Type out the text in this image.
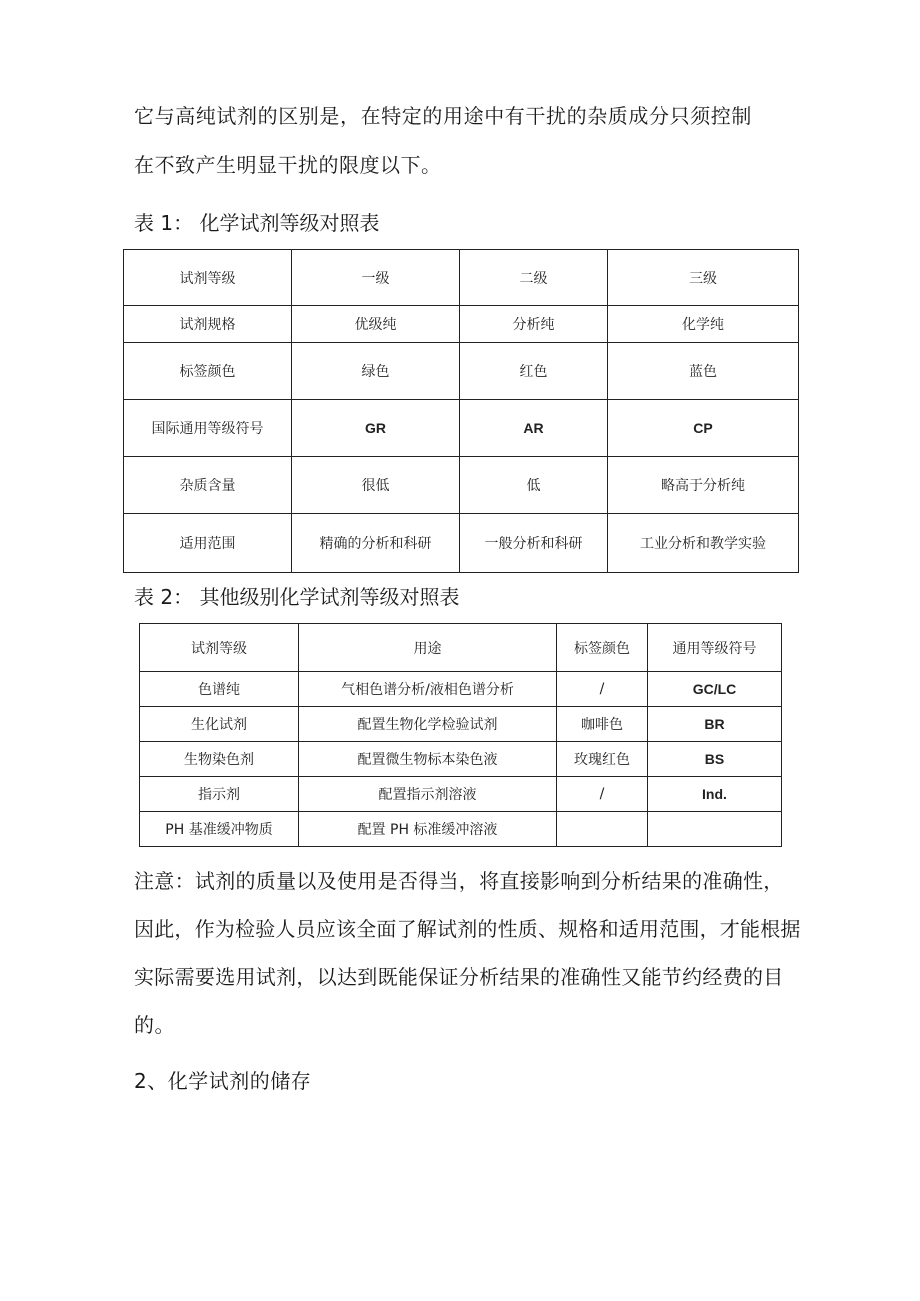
它与高纯试剂的区别是，在特定的用途中有干扰的杂质成分只须控制
在不致产生明显干扰的限度以下。
表 1： 化学试剂等级对照表
试剂等级	一级	二级	三级
试剂规格	优级纯	分析纯	化学纯
标签颜色	绿色	红色	蓝色
国际通用等级符号	GR	AR	CP
杂质含量	很低	低	略高于分析纯
适用范围	精确的分析和科研	一般分析和科研	工业分析和教学实验
表 2： 其他级别化学试剂等级对照表
试剂等级	用途	标签颜色	通用等级符号
色谱纯	气相色谱分析/液相色谱分析	/	GC/LC
生化试剂	配置生物化学检验试剂	咖啡色	BR
生物染色剂	配置微生物标本染色液	玫瑰红色	BS
指示剂	配置指示剂溶液	/	Ind.
PH 基准缓冲物质	配置 PH 标准缓冲溶液		
注意：试剂的质量以及使用是否得当，将直接影响到分析结果的准确性，
因此，作为检验人员应该全面了解试剂的性质、规格和适用范围，才能根据
实际需要选用试剂，以达到既能保证分析结果的准确性又能节约经费的目
的。
2、化学试剂的储存
